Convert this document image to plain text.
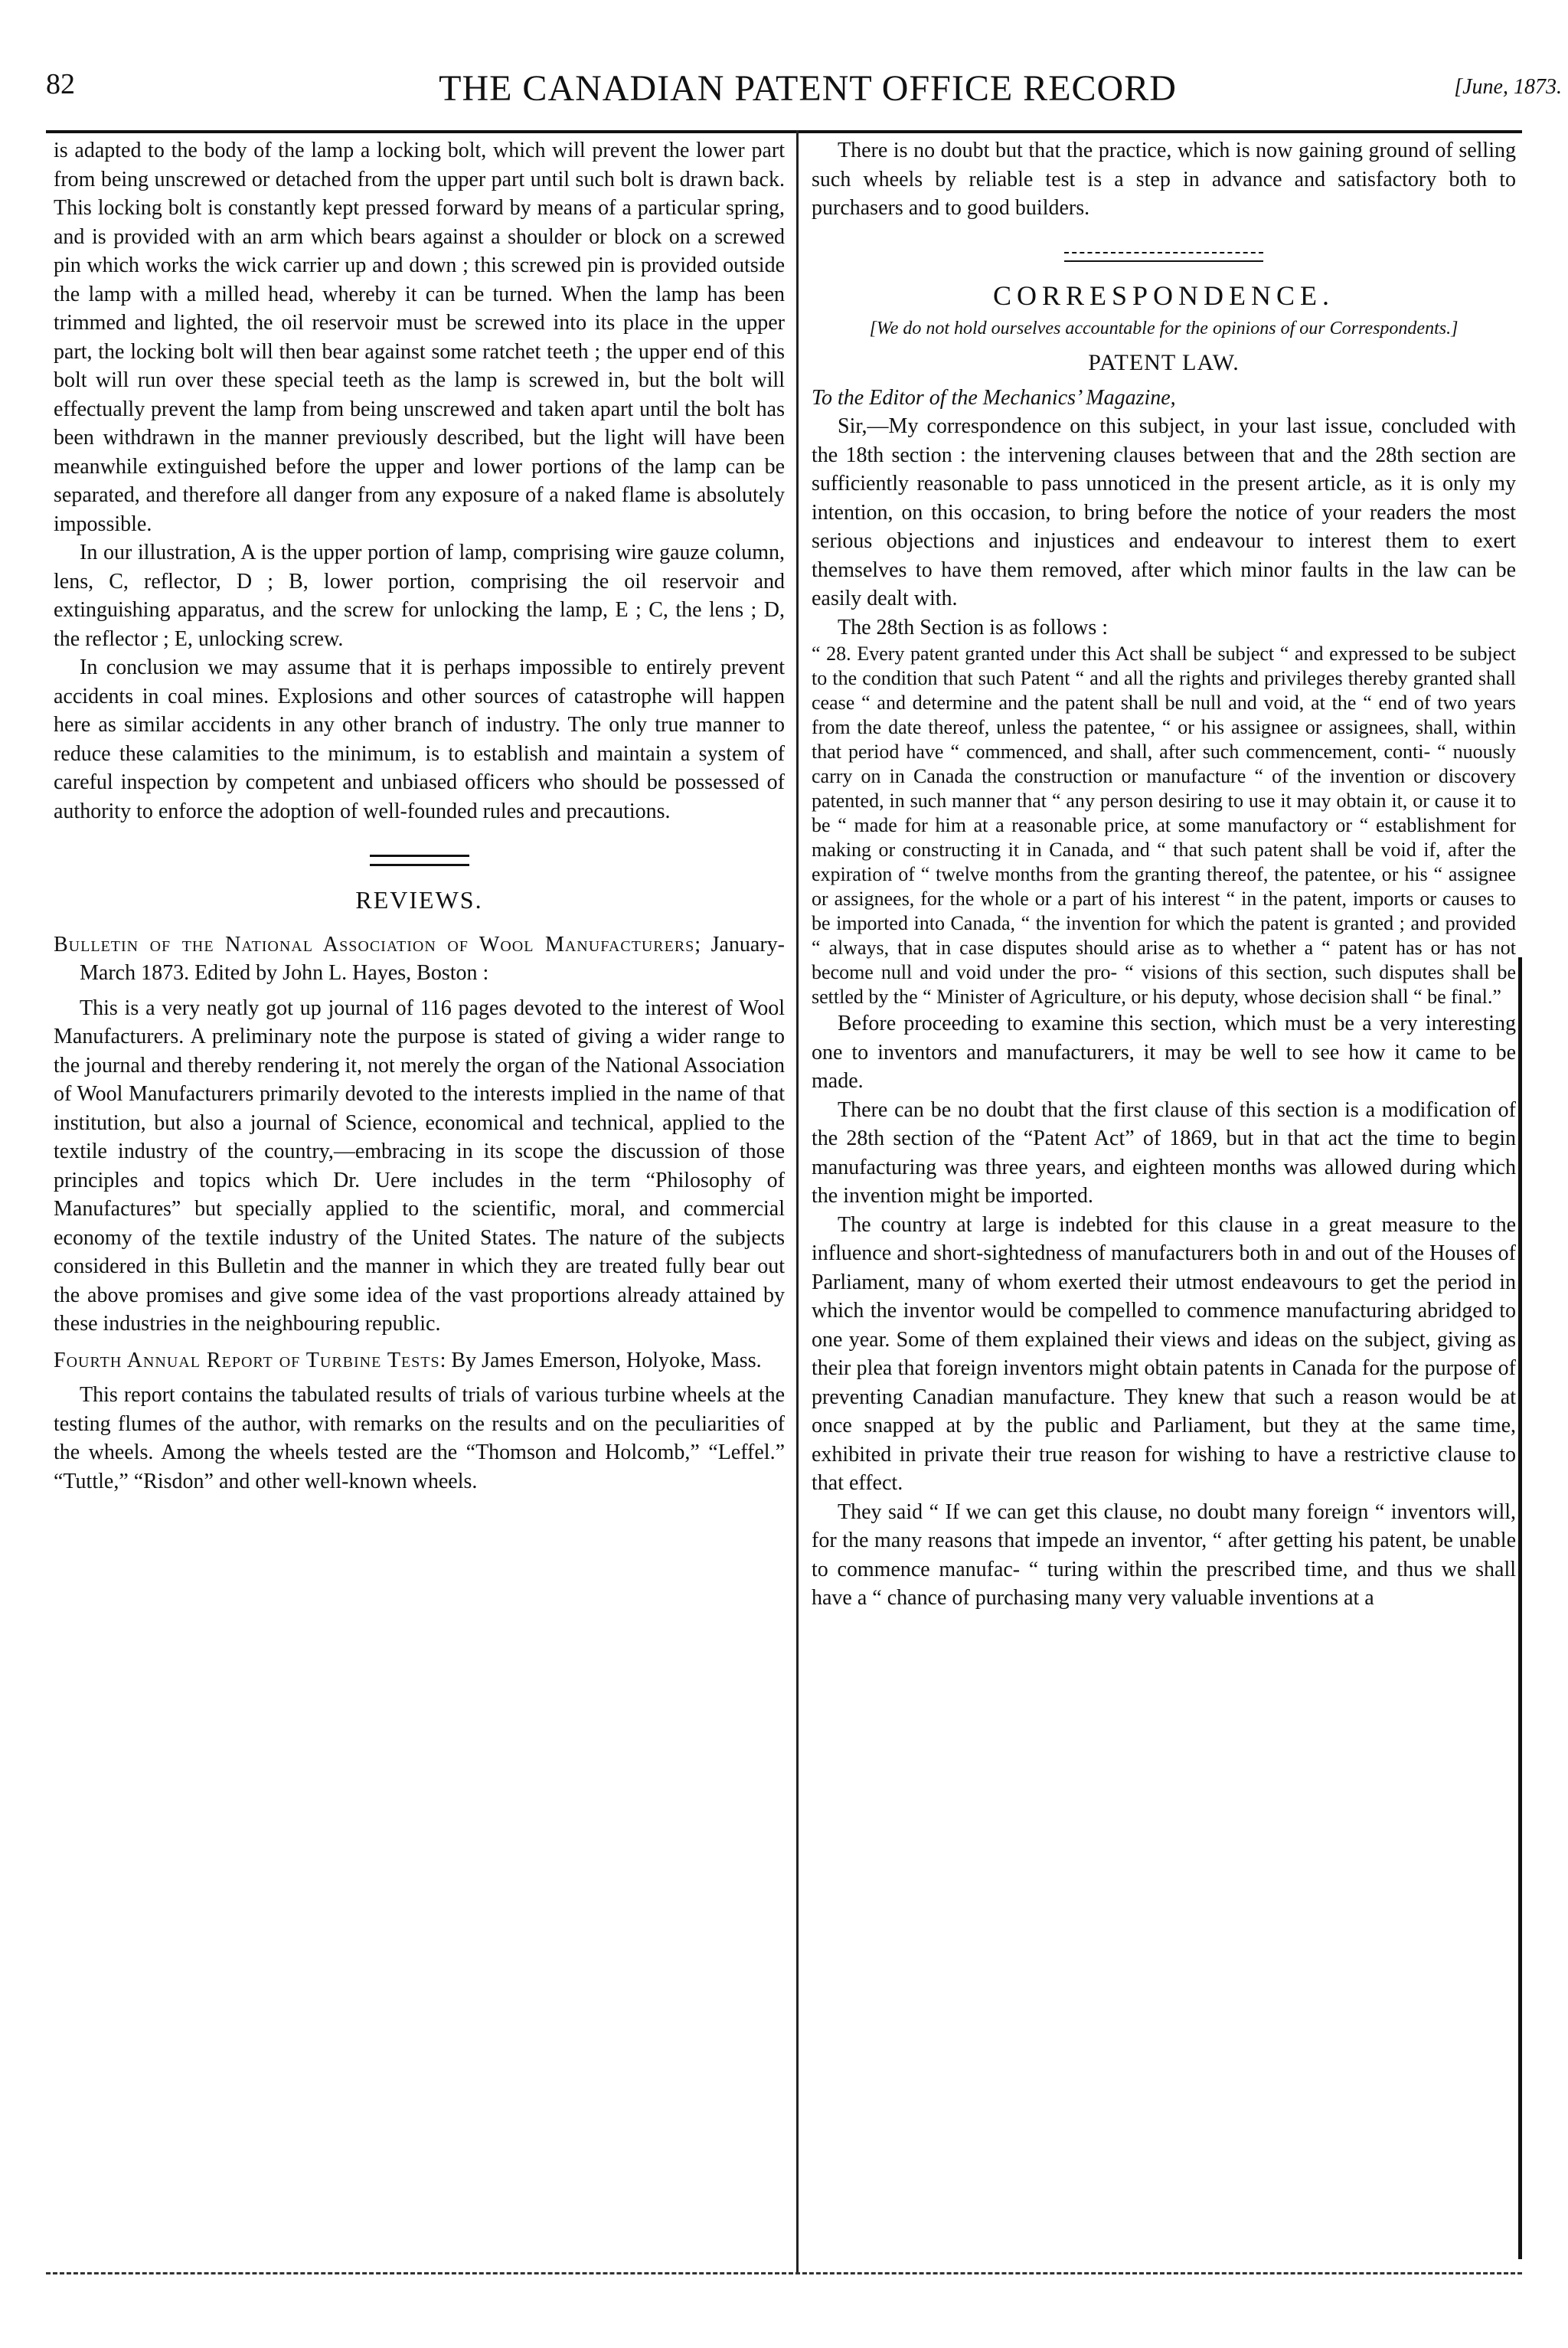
THE CANADIAN PATENT OFFICE RECORD
82	[June, 1873.

is adapted to the body of the lamp a locking bolt, which will prevent the lower part from being unscrewed or detached from the upper part until such bolt is drawn back. This locking bolt is constantly kept pressed forward by means of a particular spring, and is provided with an arm which bears against a shoulder or block on a screwed pin which works the wick carrier up and down ; this screwed pin is provided outside the lamp with a milled head, whereby it can be turned. When the lamp has been trimmed and lighted, the oil reservoir must be screwed into its place in the upper part, the locking bolt will then bear against some ratchet teeth ; the upper end of this bolt will run over these special teeth as the lamp is screwed in, but the bolt will effectually prevent the lamp from being unscrewed and taken apart until the bolt has been withdrawn in the manner previously described, but the light will have been meanwhile extinguished before the upper and lower portions of the lamp can be separated, and therefore all danger from any exposure of a naked flame is absolutely impossible.

In our illustration, A is the upper portion of lamp, comprising wire gauze column, lens, C, reflector, D ; B, lower portion, comprising the oil reservoir and extinguishing apparatus, and the screw for unlocking the lamp, E ; C, the lens ; D, the reflector ; E, unlocking screw.

In conclusion we may assume that it is perhaps impossible to entirely prevent accidents in coal mines. Explosions and other sources of catastrophe will happen here as similar accidents in any other branch of industry. The only true manner to reduce these calamities to the minimum, is to establish and maintain a system of careful inspection by competent and unbiased officers who should be possessed of authority to enforce the adoption of well-founded rules and precautions.

REVIEWS.

Bulletin of the National Association of Wool Manufacturers; January-March 1873. Edited by John L. Hayes, Boston :

This is a very neatly got up journal of 116 pages devoted to the interest of Wool Manufacturers. A preliminary note the purpose is stated of giving a wider range to the journal and thereby rendering it, not merely the organ of the National Association of Wool Manufacturers primarily devoted to the interests implied in the name of that institution, but also a journal of Science, economical and technical, applied to the textile industry of the country,—embracing in its scope the discussion of those principles and topics which Dr. Uere includes in the term “Philosophy of Manufactures” but specially applied to the scientific, moral, and commercial economy of the textile industry of the United States. The nature of the subjects considered in this Bulletin and the manner in which they are treated fully bear out the above promises and give some idea of the vast proportions already attained by these industries in the neighbouring republic.

Fourth Annual Report of Turbine Tests: By James Emerson, Holyoke, Mass.

This report contains the tabulated results of trials of various turbine wheels at the testing flumes of the author, with remarks on the results and on the peculiarities of the wheels. Among the wheels tested are the “Thomson and Holcomb,” “Leffel.” “Tuttle,” “Risdon” and other well-known wheels.

There is no doubt but that the practice, which is now gaining ground of selling such wheels by reliable test is a step in advance and satisfactory both to purchasers and to good builders.

CORRESPONDENCE.
[We do not hold ourselves accountable for the opinions of our Correspondents.]
PATENT LAW.

To the Editor of the Mechanics’ Magazine,

Sir,—My correspondence on this subject, in your last issue, concluded with the 18th section : the intervening clauses between that and the 28th section are sufficiently reasonable to pass unnoticed in the present article, as it is only my intention, on this occasion, to bring before the notice of your readers the most serious objections and injustices and endeavour to interest them to exert themselves to have them removed, after which minor faults in the law can be easily dealt with.

The 28th Section is as follows :

“ 28. Every patent granted under this Act shall be subject “ and expressed to be subject to the condition that such Patent “ and all the rights and privileges thereby granted shall cease “ and determine and the patent shall be null and void, at the “ end of two years from the date thereof, unless the patentee, “ or his assignee or assignees, shall, within that period have “ commenced, and shall, after such commencement, conti- “ nuously carry on in Canada the construction or manufacture “ of the invention or discovery patented, in such manner that “ any person desiring to use it may obtain it, or cause it to be “ made for him at a reasonable price, at some manufactory or “ establishment for making or constructing it in Canada, and “ that such patent shall be void if, after the expiration of “ twelve months from the granting thereof, the patentee, or his “ assignee or assignees, for the whole or a part of his interest “ in the patent, imports or causes to be imported into Canada, “ the invention for which the patent is granted ; and provided “ always, that in case disputes should arise as to whether a “ patent has or has not become null and void under the pro- “ visions of this section, such disputes shall be settled by the “ Minister of Agriculture, or his deputy, whose decision shall “ be final.”

Before proceeding to examine this section, which must be a very interesting one to inventors and manufacturers, it may be well to see how it came to be made.

There can be no doubt that the first clause of this section is a modification of the 28th section of the “Patent Act” of 1869, but in that act the time to begin manufacturing was three years, and eighteen months was allowed during which the invention might be imported.

The country at large is indebted for this clause in a great measure to the influence and short-sightedness of manufacturers both in and out of the Houses of Parliament, many of whom exerted their utmost endeavours to get the period in which the inventor would be compelled to commence manufacturing abridged to one year. Some of them explained their views and ideas on the subject, giving as their plea that foreign inventors might obtain patents in Canada for the purpose of preventing Canadian manufacture. They knew that such a reason would be at once snapped at by the public and Parliament, but they at the same time, exhibited in private their true reason for wishing to have a restrictive clause to that effect.

They said “ If we can get this clause, no doubt many foreign “ inventors will, for the many reasons that impede an inventor, “ after getting his patent, be unable to commence manufac- “ turing within the prescribed time, and thus we shall have a “ chance of purchasing many very valuable inventions at a
